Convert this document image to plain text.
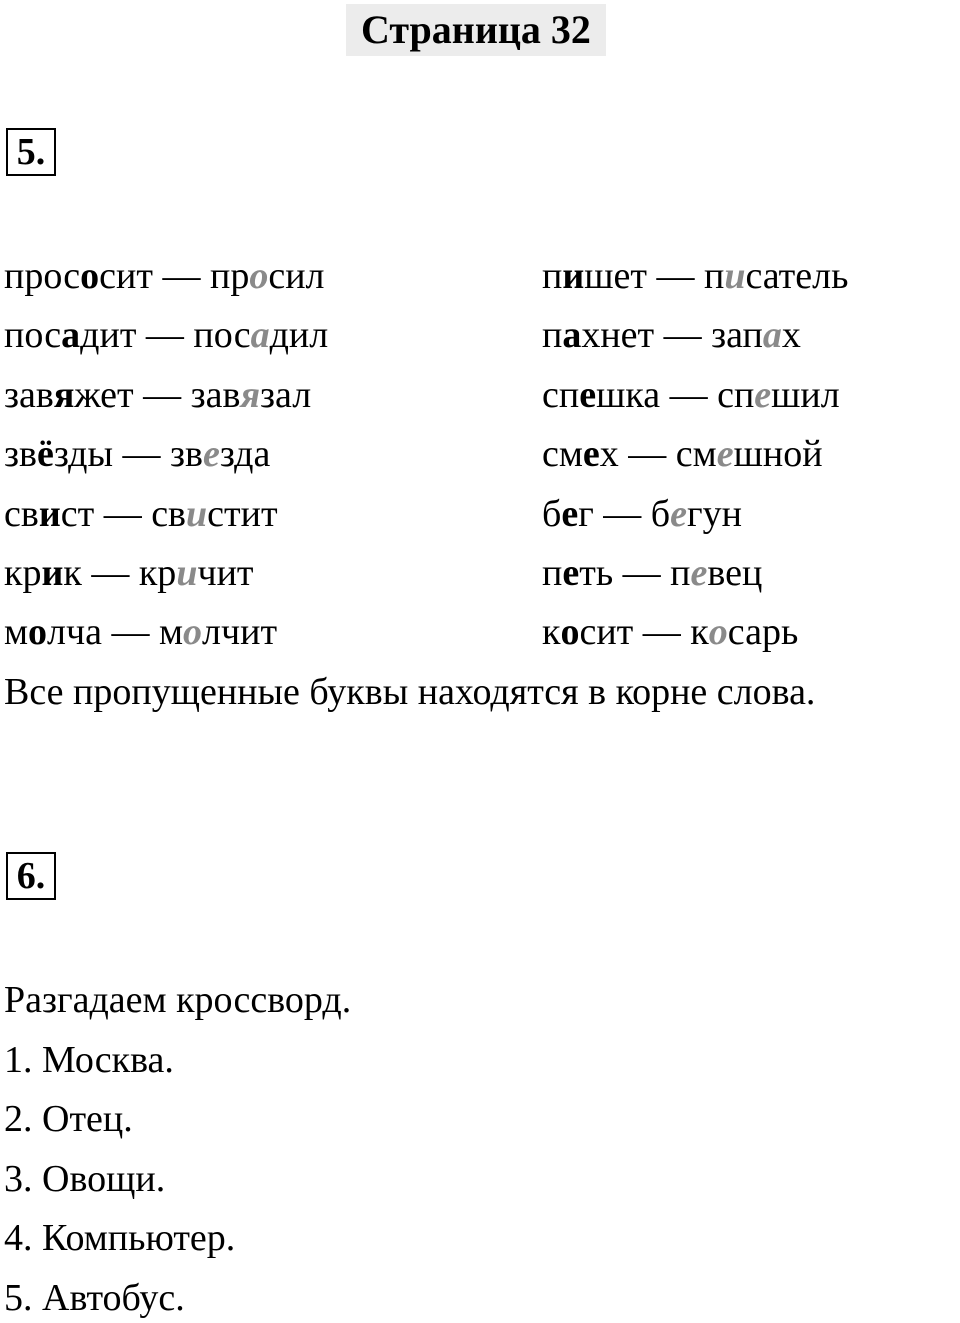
Страница 32
5.
прососит — просил	пишет — писатель
посадит — посадил	пахнет — запах
завяжет — завязал	спешка — спешил
звёзды — звезда	смех — смешной
свист — свистит	бег — бегун
крик — кричит	петь — певец
молча — молчит	косит — косарь
Все пропущенные буквы находятся в корне слова.
6.
Разгадаем кроссворд.
1. Москва.
2. Отец.
3. Овощи.
4. Компьютер.
5. Автобус.
